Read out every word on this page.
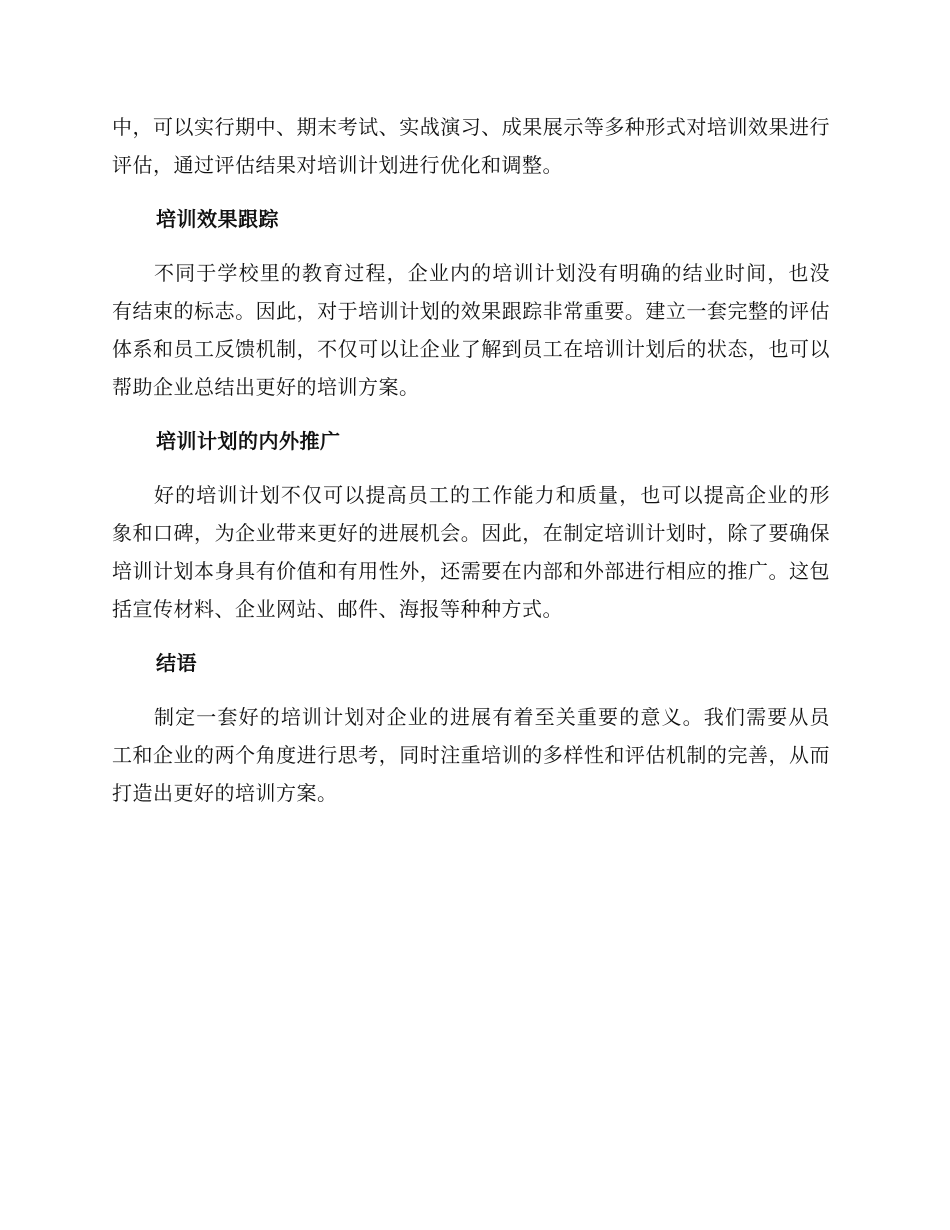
中，可以实行期中、期末考试、实战演习、成果展示等多种形式对培训效果进行评估，通过评估结果对培训计划进行优化和调整。

培训效果跟踪

不同于学校里的教育过程，企业内的培训计划没有明确的结业时间，也没有结束的标志。因此，对于培训计划的效果跟踪非常重要。建立一套完整的评估体系和员工反馈机制，不仅可以让企业了解到员工在培训计划后的状态，也可以帮助企业总结出更好的培训方案。

培训计划的内外推广

好的培训计划不仅可以提高员工的工作能力和质量，也可以提高企业的形象和口碑，为企业带来更好的进展机会。因此，在制定培训计划时，除了要确保培训计划本身具有价值和有用性外，还需要在内部和外部进行相应的推广。这包括宣传材料、企业网站、邮件、海报等种种方式。

结语

制定一套好的培训计划对企业的进展有着至关重要的意义。我们需要从员工和企业的两个角度进行思考，同时注重培训的多样性和评估机制的完善，从而打造出更好的培训方案。
